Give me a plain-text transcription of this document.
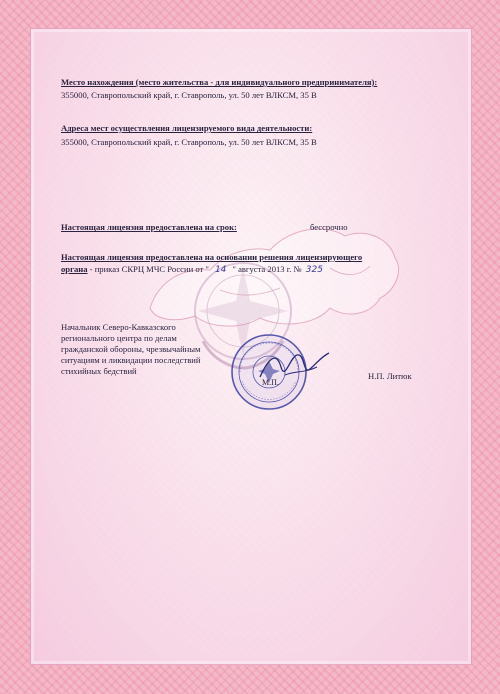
Место нахождения (место жительства - для индивидуального предпринимателя):
355000, Ставропольский край, г. Ставрополь, ул. 50 лет ВЛКСМ, 35 В
Адреса мест осуществления лицензируемого вида деятельности:
355000, Ставропольский край, г. Ставрополь, ул. 50 лет ВЛКСМ, 35 В
Настоящая лицензия предоставлена на срок:	бессрочно
Настоящая лицензия предоставлена на основании решения лицензирующего
органа - приказ СКРЦ МЧС России от " 14 " августа 2013 г. № 325
Начальник Северо-Кавказского
регионального центра по делам
гражданской обороны, чрезвычайным
ситуациям и ликвидации последствий
стихийных бедствий	Н.П. Литюк
М.П.
